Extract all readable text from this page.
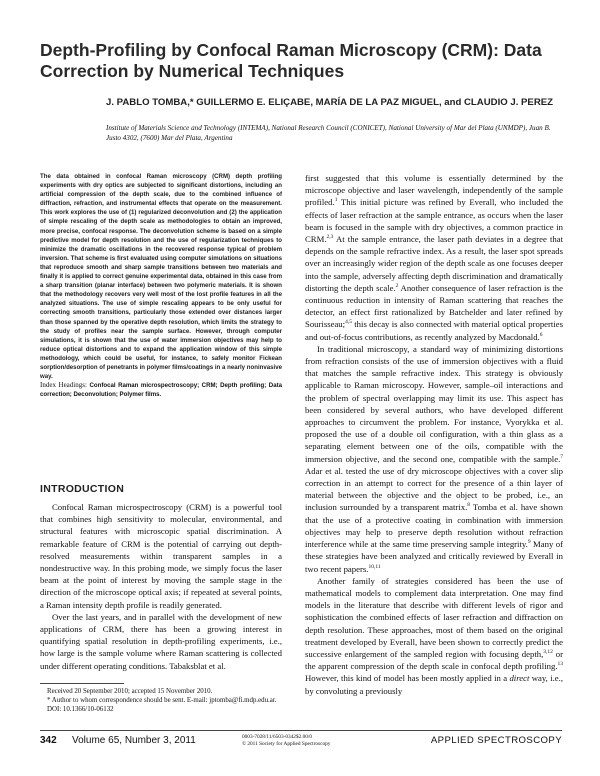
Depth-Profiling by Confocal Raman Microscopy (CRM): Data Correction by Numerical Techniques

J. PABLO TOMBA,* GUILLERMO E. ELIÇABE, MARÍA DE LA PAZ MIGUEL, and CLAUDIO J. PEREZ

Institute of Materials Science and Technology (INTEMA), National Research Council (CONICET), National University of Mar del Plata (UNMDP), Juan B. Justo 4302, (7600) Mar del Plata, Argentina

The data obtained in confocal Raman microscopy (CRM) depth profiling experiments with dry optics are subjected to significant distortions, including an artificial compression of the depth scale, due to the combined influence of diffraction, refraction, and instrumental effects that operate on the measurement. This work explores the use of (1) regularized deconvolution and (2) the application of simple rescaling of the depth scale as methodologies to obtain an improved, more precise, confocal response. The deconvolution scheme is based on a simple predictive model for depth resolution and the use of regularization techniques to minimize the dramatic oscillations in the recovered response typical of problem inversion. That scheme is first evaluated using computer simulations on situations that reproduce smooth and sharp sample transitions between two materials and finally it is applied to correct genuine experimental data, obtained in this case from a sharp transition (planar interface) between two polymeric materials. It is shown that the methodology recovers very well most of the lost profile features in all the analyzed situations. The use of simple rescaling appears to be only useful for correcting smooth transitions, particularly those extended over distances larger than those spanned by the operative depth resolution, which limits the strategy to the study of profiles near the sample surface. However, through computer simulations, it is shown that the use of water immersion objectives may help to reduce optical distortions and to expand the application window of this simple methodology, which could be useful, for instance, to safely monitor Fickean sorption/desorption of penetrants in polymer films/coatings in a nearly noninvasive way.

Index Headings: Confocal Raman microspectroscopy; CRM; Depth profiling; Data correction; Deconvolution; Polymer films.

INTRODUCTION

Confocal Raman microspectroscopy (CRM) is a powerful tool that combines high sensitivity to molecular, environmental, and structural features with microscopic spatial discrimination. A remarkable feature of CRM is the potential of carrying out depth-resolved measurements within transparent samples in a nondestructive way. In this probing mode, we simply focus the laser beam at the point of interest by moving the sample stage in the direction of the microscope optical axis; if repeated at several points, a Raman intensity depth profile is readily generated.

Over the last years, and in parallel with the development of new applications of CRM, there has been a growing interest in quantifying spatial resolution in depth-profiling experiments, i.e., how large is the sample volume where Raman scattering is collected under different operating conditions. Tabaksblat et al.

Received 20 September 2010; accepted 15 November 2010.

* Author to whom correspondence should be sent. E-mail: jptomba@fi.mdp.edu.ar.

DOI: 10.1366/10-06132

first suggested that this volume is essentially determined by the microscope objective and laser wavelength, independently of the sample profiled.$^1$ This initial picture was refined by Everall, who included the effects of laser refraction at the sample entrance, as occurs when the laser beam is focused in the sample with dry objectives, a common practice in CRM.$^{2,3}$ At the sample entrance, the laser path deviates in a degree that depends on the sample refractive index. As a result, the laser spot spreads over an increasingly wider region of the depth scale as one focuses deeper into the sample, adversely affecting depth discrimination and dramatically distorting the depth scale.$^2$ Another consequence of laser refraction is the continuous reduction in intensity of Raman scattering that reaches the detector, an effect first rationalized by Batchelder and later refined by Sourisseau;$^{4,5}$ this decay is also connected with material optical properties and out-of-focus contributions, as recently analyzed by Macdonald.$^6$

In traditional microscopy, a standard way of minimizing distortions from refraction consists of the use of immersion objectives with a fluid that matches the sample refractive index. This strategy is obviously applicable to Raman microscopy. However, sample–oil interactions and the problem of spectral overlapping may limit its use. This aspect has been considered by several authors, who have developed different approaches to circumvent the problem. For instance, Vyorykka et al. proposed the use of a double oil configuration, with a thin glass as a separating element between one of the oils, compatible with the immersion objective, and the second one, compatible with the sample.$^7$ Adar et al. tested the use of dry microscope objectives with a cover slip correction in an attempt to correct for the presence of a thin layer of material between the objective and the object to be probed, i.e., an inclusion surrounded by a transparent matrix.$^8$ Tomba et al. have shown that the use of a protective coating in combination with immersion objectives may help to preserve depth resolution without refraction interference while at the same time preserving sample integrity.$^9$ Many of these strategies have been analyzed and critically reviewed by Everall in two recent papers.$^{10,11}$

Another family of strategies considered has been the use of mathematical models to complement data interpretation. One may find models in the literature that describe with different levels of rigor and sophistication the combined effects of laser refraction and diffraction on depth resolution. These approaches, most of them based on the original treatment developed by Everall, have been shown to correctly predict the successive enlargement of the sampled region with focusing depth,$^{3,12}$ or the apparent compression of the depth scale in confocal depth profiling.$^{13}$ However, this kind of model has been mostly applied in a direct way, i.e., by convoluting a previously

342 Volume 65, Number 3, 2011	0003-7028/11/6503-0342$2.00/0
© 2011 Society for Applied Spectroscopy	APPLIED SPECTROSCOPY
